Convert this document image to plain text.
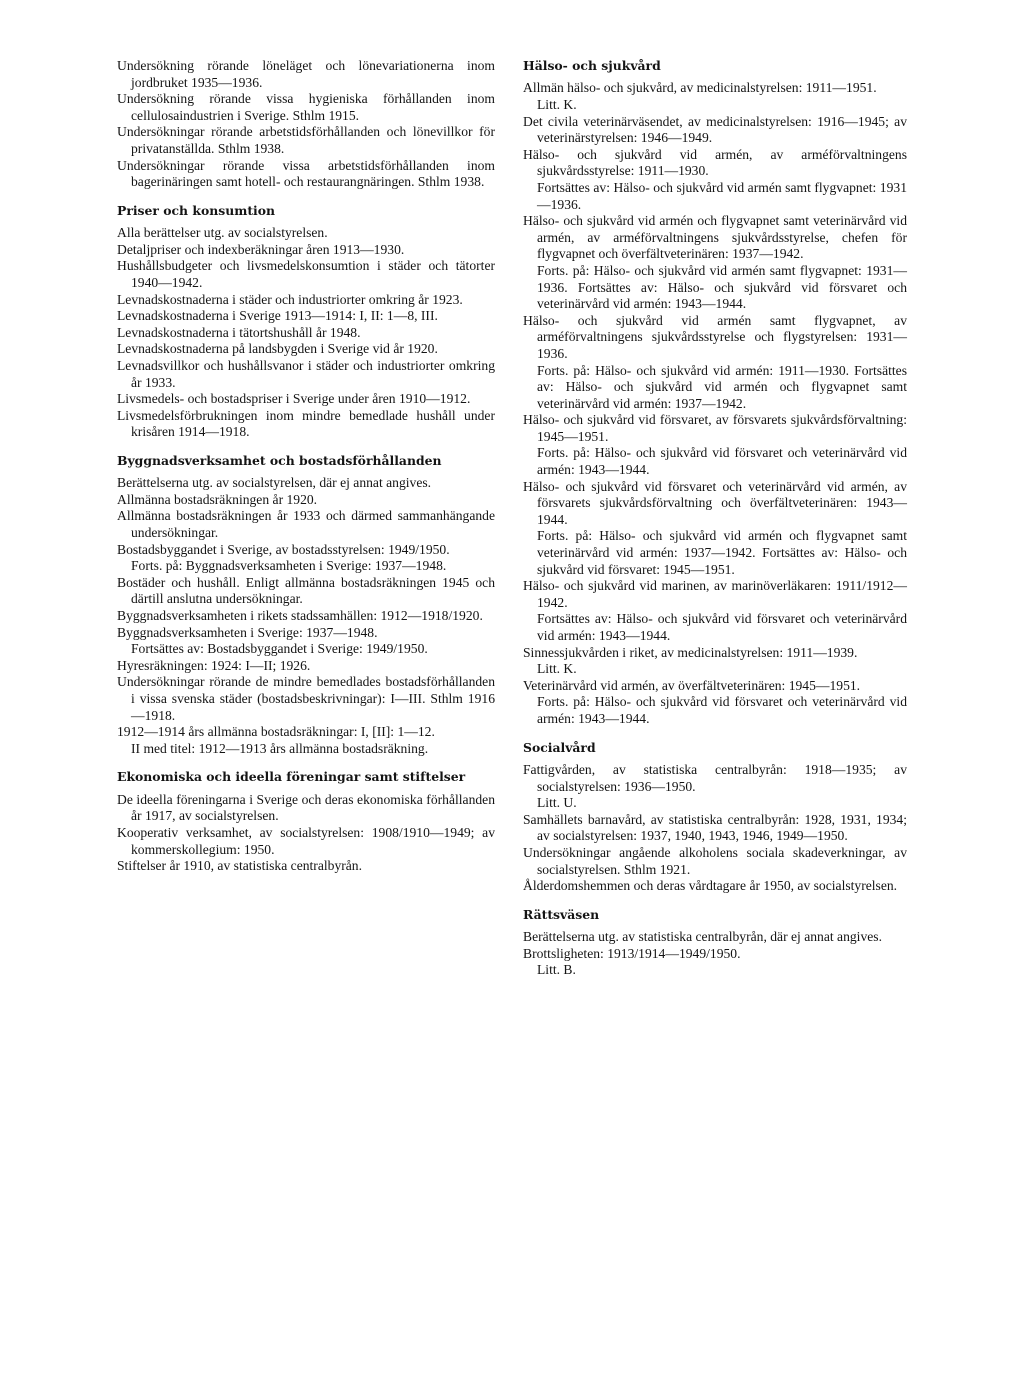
Undersökning rörande löneläget och lönevariationerna inom jordbruket 1935—1936.

Undersökning rörande vissa hygieniska förhållanden inom cellulosaindustrien i Sverige. Sthlm 1915.

Undersökningar rörande arbetstidsförhållanden och lönevillkor för privatanställda. Sthlm 1938.

Undersökningar rörande vissa arbetstidsförhållanden inom bagerinäringen samt hotell- och restaurangnäringen. Sthlm 1938.

Priser och konsumtion

Alla berättelser utg. av socialstyrelsen.

Detaljpriser och indexberäkningar åren 1913—1930.

Hushållsbudgeter och livsmedelskonsumtion i städer och tätorter 1940—1942.

Levnadskostnaderna i städer och industriorter omkring år 1923.

Levnadskostnaderna i Sverige 1913—1914: I, II: 1—8, III.

Levnadskostnaderna i tätortshushåll år 1948.

Levnadskostnaderna på landsbygden i Sverige vid år 1920.

Levnadsvillkor och hushållsvanor i städer och industriorter omkring år 1933.

Livsmedels- och bostadspriser i Sverige under åren 1910—1912.

Livsmedelsförbrukningen inom mindre bemedlade hushåll under krisåren 1914—1918.

Byggnadsverksamhet och bostadsförhållanden

Berättelserna utg. av socialstyrelsen, där ej annat angives.

Allmänna bostadsräkningen år 1920.

Allmänna bostadsräkningen år 1933 och därmed sammanhängande undersökningar.

Bostadsbyggandet i Sverige, av bostadsstyrelsen: 1949/1950.

Forts. på: Byggnadsverksamheten i Sverige: 1937—1948.

Bostäder och hushåll. Enligt allmänna bostadsräkningen 1945 och därtill anslutna undersökningar.

Byggnadsverksamheten i rikets stadssamhällen: 1912—1918/1920.

Byggnadsverksamheten i Sverige: 1937—1948.

Fortsättes av: Bostadsbyggandet i Sverige: 1949/1950.

Hyresräkningen: 1924: I—II; 1926.

Undersökningar rörande de mindre bemedlades bostadsförhållanden i vissa svenska städer (bostadsbeskrivningar): I—III. Sthlm 1916—1918.

1912—1914 års allmänna bostadsräkningar: I, [II]: 1—12.

II med titel: 1912—1913 års allmänna bostadsräkning.

Ekonomiska och ideella föreningar samt stiftelser

De ideella föreningarna i Sverige och deras ekonomiska förhållanden år 1917, av socialstyrelsen.

Kooperativ verksamhet, av socialstyrelsen: 1908/1910—1949; av kommerskollegium: 1950.

Stiftelser år 1910, av statistiska centralbyrån.

Hälso- och sjukvård

Allmän hälso- och sjukvård, av medicinalstyrelsen: 1911—1951.

Litt. K.

Det civila veterinärväsendet, av medicinalstyrelsen: 1916—1945; av veterinärstyrelsen: 1946—1949.

Hälso- och sjukvård vid armén, av arméförvaltningens sjukvårdsstyrelse: 1911—1930.

Fortsättes av: Hälso- och sjukvård vid armén samt flygvapnet: 1931—1936.

Hälso- och sjukvård vid armén och flygvapnet samt veterinärvård vid armén, av arméförvaltningens sjukvårdsstyrelse, chefen för flygvapnet och överfältveterinären: 1937—1942.

Forts. på: Hälso- och sjukvård vid armén samt flygvapnet: 1931—1936. Fortsättes av: Hälso- och sjukvård vid försvaret och veterinärvård vid armén: 1943—1944.

Hälso- och sjukvård vid armén samt flygvapnet, av arméförvaltningens sjukvårdsstyrelse och flygstyrelsen: 1931—1936.

Forts. på: Hälso- och sjukvård vid armén: 1911—1930. Fortsättes av: Hälso- och sjukvård vid armén och flygvapnet samt veterinärvård vid armén: 1937—1942.

Hälso- och sjukvård vid försvaret, av försvarets sjukvårdsförvaltning: 1945—1951.

Forts. på: Hälso- och sjukvård vid försvaret och veterinärvård vid armén: 1943—1944.

Hälso- och sjukvård vid försvaret och veterinärvård vid armén, av försvarets sjukvårdsförvaltning och överfältveterinären: 1943—1944.

Forts. på: Hälso- och sjukvård vid armén och flygvapnet samt veterinärvård vid armén: 1937—1942. Fortsättes av: Hälso- och sjukvård vid försvaret: 1945—1951.

Hälso- och sjukvård vid marinen, av marinöverläkaren: 1911/1912—1942.

Fortsättes av: Hälso- och sjukvård vid försvaret och veterinärvård vid armén: 1943—1944.

Sinnessjukvården i riket, av medicinalstyrelsen: 1911—1939.

Litt. K.

Veterinärvård vid armén, av överfältveterinären: 1945—1951.

Forts. på: Hälso- och sjukvård vid försvaret och veterinärvård vid armén: 1943—1944.

Socialvård

Fattigvården, av statistiska centralbyrån: 1918—1935; av socialstyrelsen: 1936—1950.

Litt. U.

Samhällets barnavård, av statistiska centralbyrån: 1928, 1931, 1934; av socialstyrelsen: 1937, 1940, 1943, 1946, 1949—1950.

Undersökningar angående alkoholens sociala skadeverkningar, av socialstyrelsen. Sthlm 1921.

Ålderdomshemmen och deras vårdtagare år 1950, av socialstyrelsen.

Rättsväsen

Berättelserna utg. av statistiska centralbyrån, där ej annat angives.

Brottsligheten: 1913/1914—1949/1950.

Litt. B.
